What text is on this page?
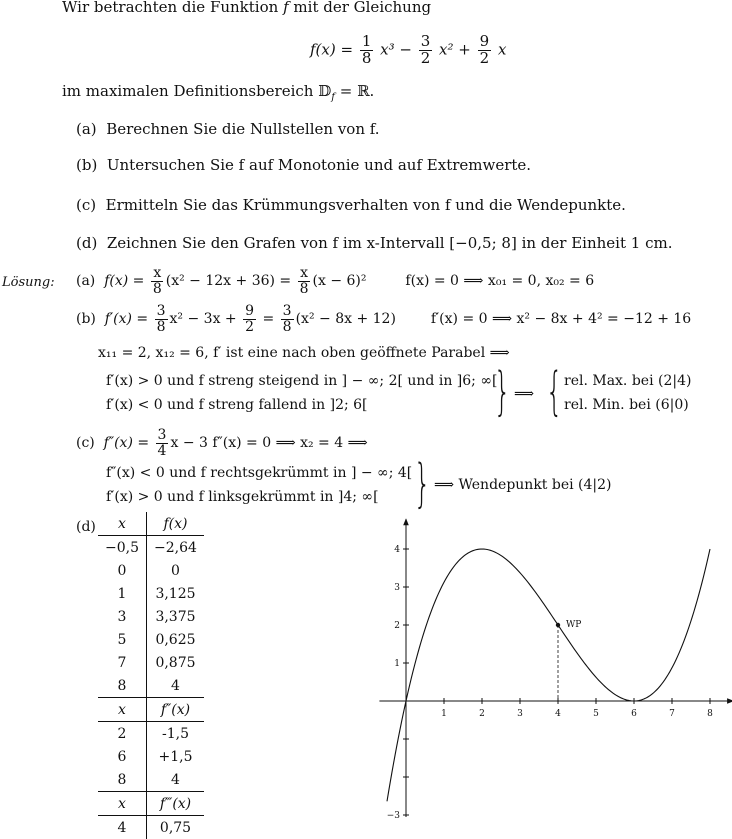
Wir betrachten die Funktion f mit der Gleichung
$f(x) = \frac{1}{8} x^3 - \frac{3}{2} x^2 + \frac{9}{2}$ x
im maximalen Definitionsbereich 𝔻$_f$ = ℝ.
(a) Berechnen Sie die Nullstellen von f.
(b) Untersuchen Sie f auf Monotonie und auf Extremwerte.
(c) Ermitteln Sie das Krümmungsverhalten von f und die Wendepunkte.
(d) Zeichnen Sie den Grafen von f im x-Intervall [−0,5; 8] in der Einheit 1 cm.
Lösung: (a) $f(x) = \frac{x}{8} (x^2 - 12x + 36) = \frac{x}{8} (x - 6)^2$	f(x) = 0 ⟹ x₀₁ = 0, x₀₂ = 6
(b) $f'(x) = \frac{3}{8} x^2 - 3x + \frac{9}{2} = \frac{3}{8} (x^2 - 8x + 12) f'(x) = 0$ ⟹ x² − 8x + 4² = −12 + 16
x₁₁ = 2, x₁₂ = 6, f′ ist eine nach oben geöffnete Parabel ⟹
f′(x) > 0 und f streng steigend in ] − ∞; 2[ und in ]6; ∞[
f′(x) < 0 und f streng fallend in ]2; 6[ } ⟹ { rel. Max. bei (2|4)
rel. Min. bei (6|0)
(c) $f''(x) = \frac{3}{4}$ x − 3 f″(x) = 0 ⟹ x₂ = 4 ⟹
f″(x) < 0 und f rechtsgekrümmt in ] − ∞; 4[
f′(x) > 0 und f linksgekrümmt in ]4; ∞[ } ⟹ Wendepunkt bei (4|2)
(d) x	f(x)
−0,5	−2,64
0	0
1	3,125
3	3,375
5	0,625
7	0,875
8	4
x	f″(x)
2	-1,5
6	+1,5
8	4
x	f‴(x)
4	0,75
1	2	3	4	5	6	7	8
−3
1
2
3
4
WP
